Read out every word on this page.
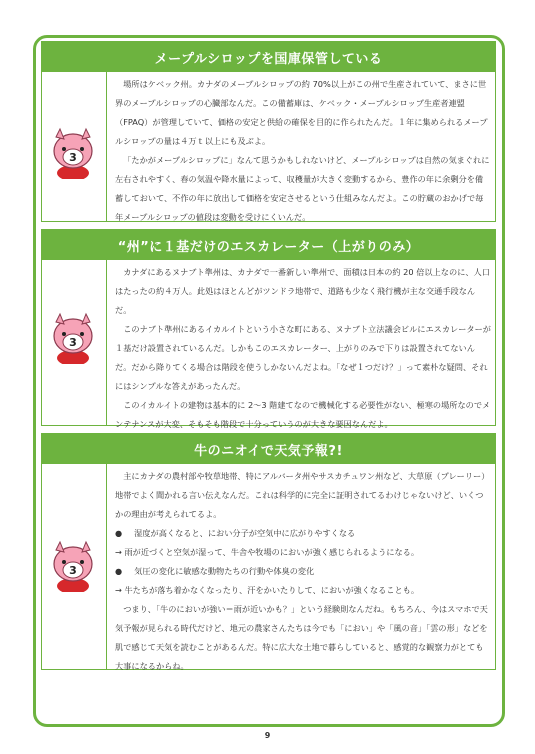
メープルシロップを国庫保管している
3

場所はケベック州。カナダのメープルシロップの約 70%以上がこの州で生産されていて、まさに世界のメープルシロップの心臓部なんだ。この備蓄庫は、ケベック・メープルシロップ生産者連盟（FPAQ）が管理していて、価格の安定と供給の確保を目的に作られたんだ。１年に集められるメープルシロップの量は４万ｔ以上にも及ぶよ。

「たかがメープルシロップに」なんて思うかもしれないけど、メープルシロップは自然の気まぐれに左右されやすく、春の気温や降水量によって、収穫量が大きく変動するから、豊作の年に余剰分を備蓄しておいて、不作の年に放出して価格を安定させるという仕組みなんだよ。この貯蔵のおかげで毎年メープルシロップの値段は変動を受けにくいんだ。

“州”に１基だけのエスカレーター（上がりのみ）
3

カナダにあるヌナブト準州は、カナダで一番新しい準州で、面積は日本の約 20 倍以上なのに、人口はたったの約４万人。此処はほとんどがツンドラ地帯で、道路も少なく飛行機が主な交通手段なんだ。

このナブト準州にあるイカルイトという小さな町にある、ヌナブト立法議会ビルにエスカレーターが１基だけ設置されているんだ。しかもこのエスカレーター、上がりのみで下りは設置されてないんだ。だから降りてくる場合は階段を使うしかないんだよね。「なぜ１つだけ？」って素朴な疑問、それにはシンプルな答えがあったんだ。

このイカルイトの建物は基本的に 2～3 階建てなので機械化する必要性がない、極寒の場所なのでメンテナンスが大変、そもそも階段で十分っていうのが大きな要因なんだよ。

牛のニオイで天気予報?!
3

主にカナダの農村部や牧草地帯、特にアルバータ州やサスカチュワン州など、大草原（プレーリー）地帯でよく聞かれる言い伝えなんだ。これは科学的に完全に証明されてるわけじゃないけど、いくつかの理由が考えられてるよ。

● 湿度が高くなると、におい分子が空気中に広がりやすくなる

→ 雨が近づくと空気が湿って、牛舎や牧場のにおいが強く感じられるようになる。

● 気圧の変化に敏感な動物たちの行動や体臭の変化

→ 牛たちが落ち着かなくなったり、汗をかいたりして、においが強くなることも。

つまり、「牛のにおいが強い＝雨が近いかも？」という経験則なんだね。もちろん、今はスマホで天気予報が見られる時代だけど、地元の農家さんたちは今でも「におい」や「風の音」「雲の形」などを肌で感じて天気を読むことがあるんだ。特に広大な土地で暮らしていると、感覚的な観察力がとても大事になるからね。

9
